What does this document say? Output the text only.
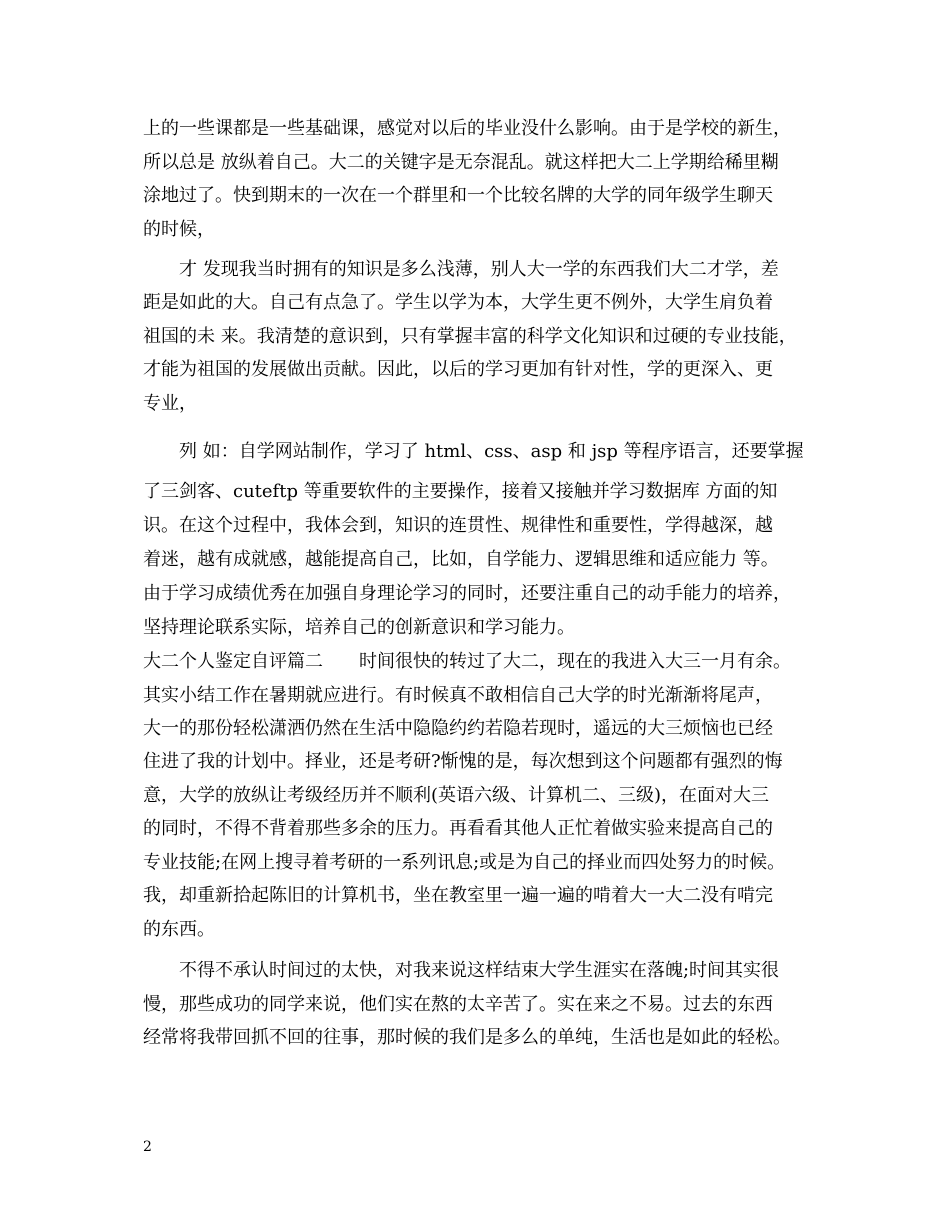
上的一些课都是一些基础课，感觉对以后的毕业没什么影响。由于是学校的新生，
所以总是 放纵着自己。大二的关键字是无奈混乱。就这样把大二上学期给稀里糊
涂地过了。快到期末的一次在一个群里和一个比较名牌的大学的同年级学生聊天
的时候，
才 发现我当时拥有的知识是多么浅薄，别人大一学的东西我们大二才学，差
距是如此的大。自己有点急了。学生以学为本，大学生更不例外，大学生肩负着
祖国的未 来。我清楚的意识到，只有掌握丰富的科学文化知识和过硬的专业技能，
才能为祖国的发展做出贡献。因此，以后的学习更加有针对性，学的更深入、更
专业，
列 如：自学网站制作，学习了 html、css、asp 和 jsp 等程序语言，还要掌握
了三剑客、cuteftp 等重要软件的主要操作，接着又接触并学习数据库 方面的知
识。在这个过程中，我体会到，知识的连贯性、规律性和重要性，学得越深，越
着迷，越有成就感，越能提高自己，比如，自学能力、逻辑思维和适应能力 等。
由于学习成绩优秀在加强自身理论学习的同时，还要注重自己的动手能力的培养，
坚持理论联系实际，培养自己的创新意识和学习能力。
大二个人鉴定自评篇二　　时间很快的转过了大二，现在的我进入大三一月有余。
其实小结工作在暑期就应进行。有时候真不敢相信自己大学的时光渐渐将尾声，
大一的那份轻松潇洒仍然在生活中隐隐约约若隐若现时，遥远的大三烦恼也已经
住进了我的计划中。择业，还是考研?惭愧的是，每次想到这个问题都有强烈的悔
意，大学的放纵让考级经历并不顺利(英语六级、计算机二、三级)，在面对大三
的同时，不得不背着那些多余的压力。再看看其他人正忙着做实验来提高自己的
专业技能;在网上搜寻着考研的一系列讯息;或是为自己的择业而四处努力的时候。
我，却重新拾起陈旧的计算机书，坐在教室里一遍一遍的啃着大一大二没有啃完
的东西。
不得不承认时间过的太快，对我来说这样结束大学生涯实在落魄;时间其实很
慢，那些成功的同学来说，他们实在熬的太辛苦了。实在来之不易。过去的东西
经常将我带回抓不回的往事，那时候的我们是多么的单纯，生活也是如此的轻松。
2
